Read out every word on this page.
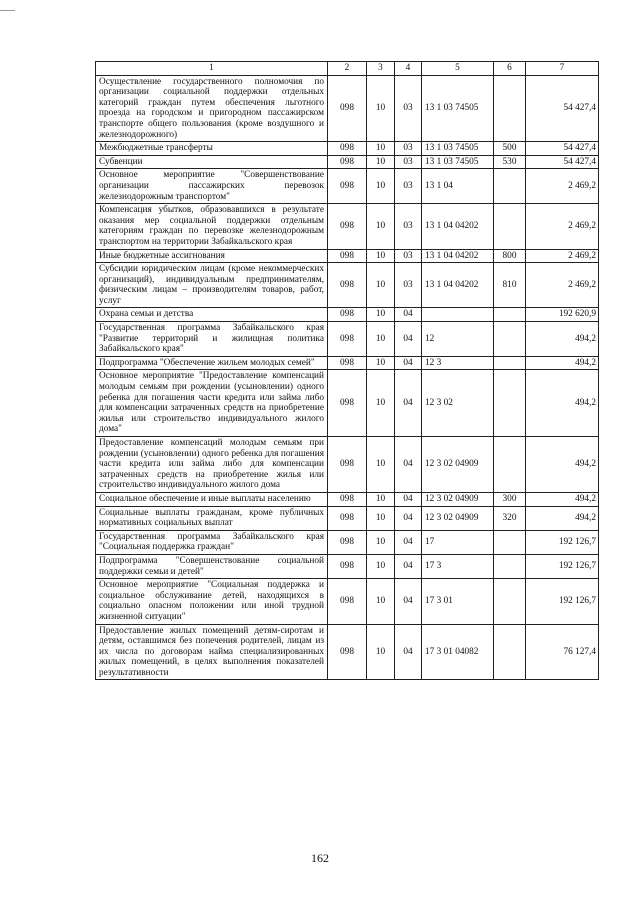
1	2	3	4	5	6	7
Осуществление государственного полномочия по организации социальной поддержки отдельных категорий граждан путем обеспечения льготного проезда на городском и пригородном пассажирском транспорте общего пользования (кроме воздушного и железнодорожного)	098	10	03	13 1 03 74505		54 427,4
Межбюджетные трансферты	098	10	03	13 1 03 74505	500	54 427,4
Субвенции	098	10	03	13 1 03 74505	530	54 427,4
Основное мероприятие "Совершенствование организации пассажирских перевозок железнодорожным транспортом"	098	10	03	13 1 04		2 469,2
Компенсация убытков, образовавшихся в результате оказания мер социальной поддержки отдельным категориям граждан по перевозке железнодорожным транспортом на территории Забайкальского края	098	10	03	13 1 04 04202		2 469,2
Иные бюджетные ассигнования	098	10	03	13 1 04 04202	800	2 469,2
Субсидии юридическим лицам (кроме некоммерческих организаций), индивидуальным предпринимателям, физическим лицам – производителям товаров, работ, услуг	098	10	03	13 1 04 04202	810	2 469,2
Охрана семьи и детства	098	10	04			192 620,9
Государственная программа Забайкальского края "Развитие территорий и жилищная политика Забайкальского края"	098	10	04	12		494,2
Подпрограмма "Обеспечение жильем молодых семей"	098	10	04	12 3		494,2
Основное мероприятие "Предоставление компенсаций молодым семьям при рождении (усыновлении) одного ребенка для погашения части кредита или займа либо для компенсации затраченных средств на приобретение жилья или строительство индивидуального жилого дома"	098	10	04	12 3 02		494,2
Предоставление компенсаций молодым семьям при рождении (усыновлении) одного ребенка для погашения части кредита или займа либо для компенсации затраченных средств на приобретение жилья или строительство индивидуального жилого дома	098	10	04	12 3 02 04909		494,2
Социальное обеспечение и иные выплаты населению	098	10	04	12 3 02 04909	300	494,2
Социальные выплаты гражданам, кроме публичных нормативных социальных выплат	098	10	04	12 3 02 04909	320	494,2
Государственная программа Забайкальского края "Социальная поддержка граждан"	098	10	04	17		192 126,7
Подпрограмма "Совершенствование социальной поддержки семьи и детей"	098	10	04	17 3		192 126,7
Основное мероприятие "Социальная поддержка и социальное обслуживание детей, находящихся в социально опасном положении или иной трудной жизненной ситуации"	098	10	04	17 3 01		192 126,7
Предоставление жилых помещений детям-сиротам и детям, оставшимся без попечения родителей, лицам из их числа по договорам найма специализированных жилых помещений, в целях выполнения показателей результативности	098	10	04	17 3 01 04082		76 127,4
162
